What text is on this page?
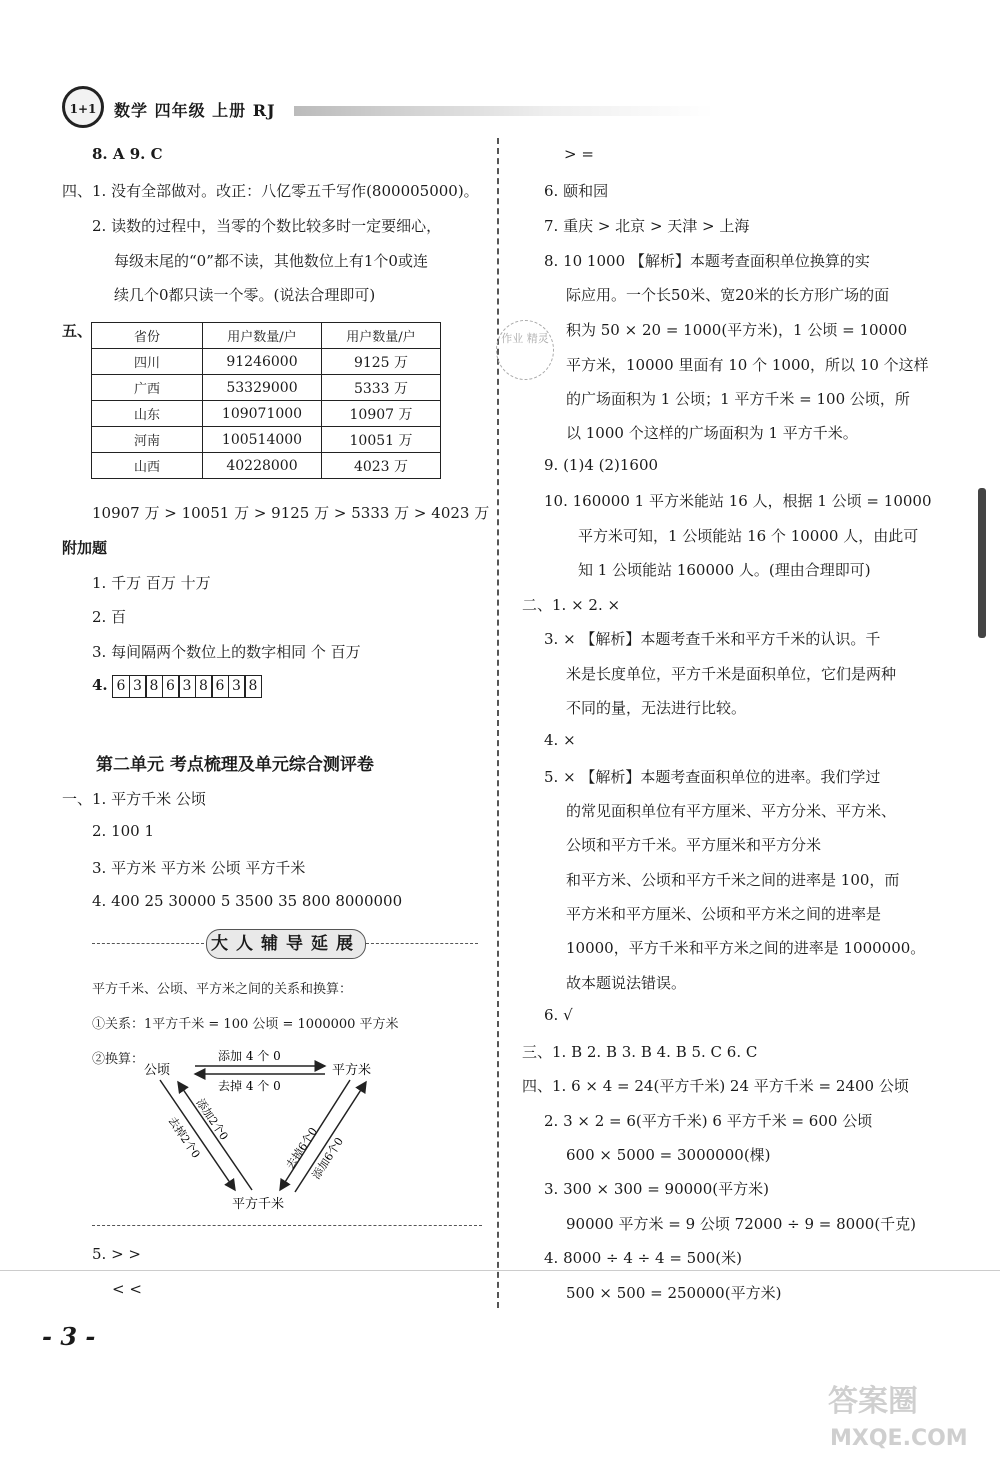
1+1	数学 四年级 上册 RJ
8. A 9. C
四、1. 没有全部做对。改正：八亿零五千写作(800005000)。
2. 读数的过程中，当零的个数比较多时一定要细心，
每级末尾的“0”都不读，其他数位上有1个0或连
续几个0都只读一个零。(说法合理即可)
五、	省份	用户数量/户	用户数量/户
四川	91246000	9125 万
广西	53329000	5333 万
山东	109071000	10907 万
河南	100514000	10051 万
山西	40228000	4023 万
10907 万 > 10051 万 > 9125 万 > 5333 万 > 4023 万
附加题
1. 千万 百万 十万
2. 百
3. 每间隔两个数位上的数字相同 个 百万
4. 6 3 8 6 3 8 6 3 8
第二单元 考点梳理及单元综合测评卷
一、1. 平方千米 公顷
2. 100 1
3. 平方米 平方米 公顷 平方千米
4. 400 25 30000 5 3500 35 800 8000000
大人辅导延展
平方千米、公顷、平方米之间的关系和换算：
①关系：1平方千米 = 100 公顷 = 1000000 平方米
②换算：
公顷	平方米
平方千米
添加 4 个 0
去掉 4 个 0
添加2个0
去掉2个0	去掉6个0
添加6个0
5. > >
< <
> =
6. 颐和园
7. 重庆 > 北京 > 天津 > 上海
8. 10 1000 【解析】本题考查面积单位换算的实
际应用。一个长50米、宽20米的长方形广场的面
积为 50 × 20 = 1000(平方米)，1 公顷 = 10000
平方米，10000 里面有 10 个 1000，所以 10 个这样
的广场面积为 1 公顷；1 平方千米 = 100 公顷，所
以 1000 个这样的广场面积为 1 平方千米。
9. (1)4 (2)1600
10. 160000 1 平方米能站 16 人，根据 1 公顷 = 10000
平方米可知，1 公顷能站 16 个 10000 人，由此可
知 1 公顷能站 160000 人。(理由合理即可)
二、1. × 2. ×
3. × 【解析】本题考查千米和平方千米的认识。千
米是长度单位，平方千米是面积单位，它们是两种
不同的量，无法进行比较。
4. ×
5. × 【解析】本题考查面积单位的进率。我们学过
的常见面积单位有平方厘米、平方分米、平方米、
公顷和平方千米。平方厘米和平方分米
和平方米、公顷和平方千米之间的进率是 100，而
平方米和平方厘米、公顷和平方米之间的进率是
10000，平方千米和平方米之间的进率是 1000000。
故本题说法错误。
6. √
三、1. B 2. B 3. B 4. B 5. C 6. C
四、1. 6 × 4 = 24(平方千米) 24 平方千米 = 2400 公顷
2. 3 × 2 = 6(平方千米) 6 平方千米 = 600 公顷
600 × 5000 = 3000000(棵)
3. 300 × 300 = 90000(平方米)
90000 平方米 = 9 公顷 72000 ÷ 9 = 8000(千克)
4. 8000 ÷ 4 ÷ 4 = 500(米)
500 × 500 = 250000(平方米)
作业 精灵
- 3 -
答案圈
MXQE.COM
